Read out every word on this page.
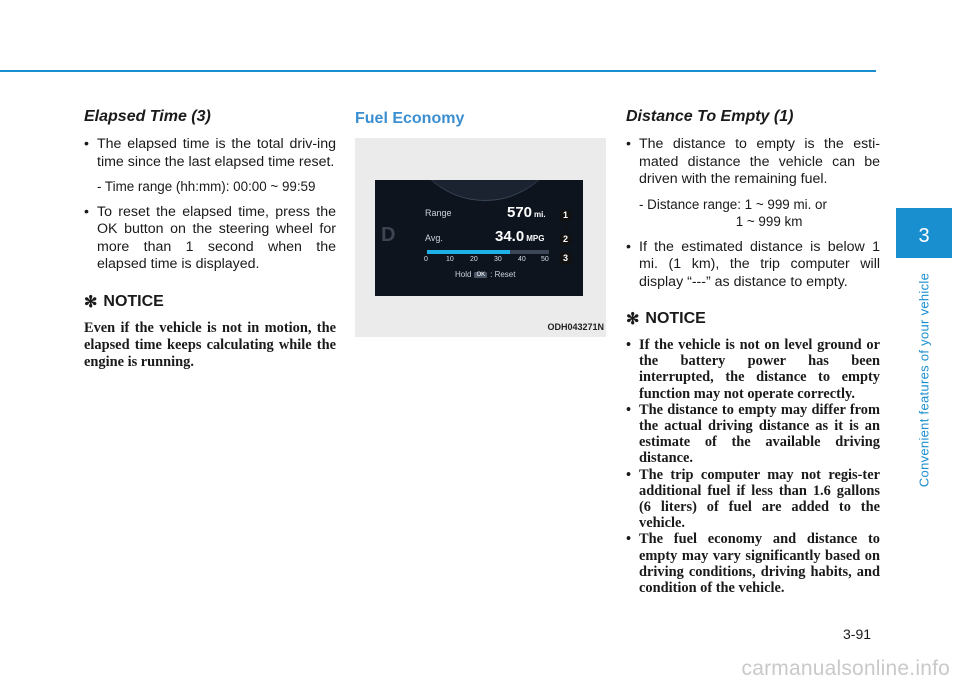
Elapsed Time (3)
• The elapsed time is the total driv-ing time since the last elapsed time reset.
- Time range (hh:mm): 00:00 ~ 99:59
• To reset the elapsed time, press the OK button on the steering wheel for more than 1 second when the elapsed time is displayed.
✻ NOTICE

Even if the vehicle is not in motion, the elapsed time keeps calculating while the engine is running.

Fuel Economy
D
Range	570 mi.
Avg.	34.0 MPG
0	10 20 30 40 50
Hold OK : Reset
1
2
3
ODH043271N
Distance To Empty (1)
• The distance to empty is the esti-mated distance the vehicle can be driven with the remaining fuel.
- Distance range: 1 ~ 999 mi. or
1 ~ 999 km
• If the estimated distance is below 1 mi. (1 km), the trip computer will display “---” as distance to empty.
✻ NOTICE
• If the vehicle is not on level ground or the battery power has been interrupted, the distance to empty function may not operate correctly.
• The distance to empty may differ from the actual driving distance as it is an estimate of the available driving distance.
• The trip computer may not regis-ter additional fuel if less than 1.6 gallons (6 liters) of fuel are added to the vehicle.
• The fuel economy and distance to empty may vary significantly based on driving conditions, driving habits, and condition of the vehicle.
3
Convenient features of your vehicle
3-91
carmanualsonline.info
